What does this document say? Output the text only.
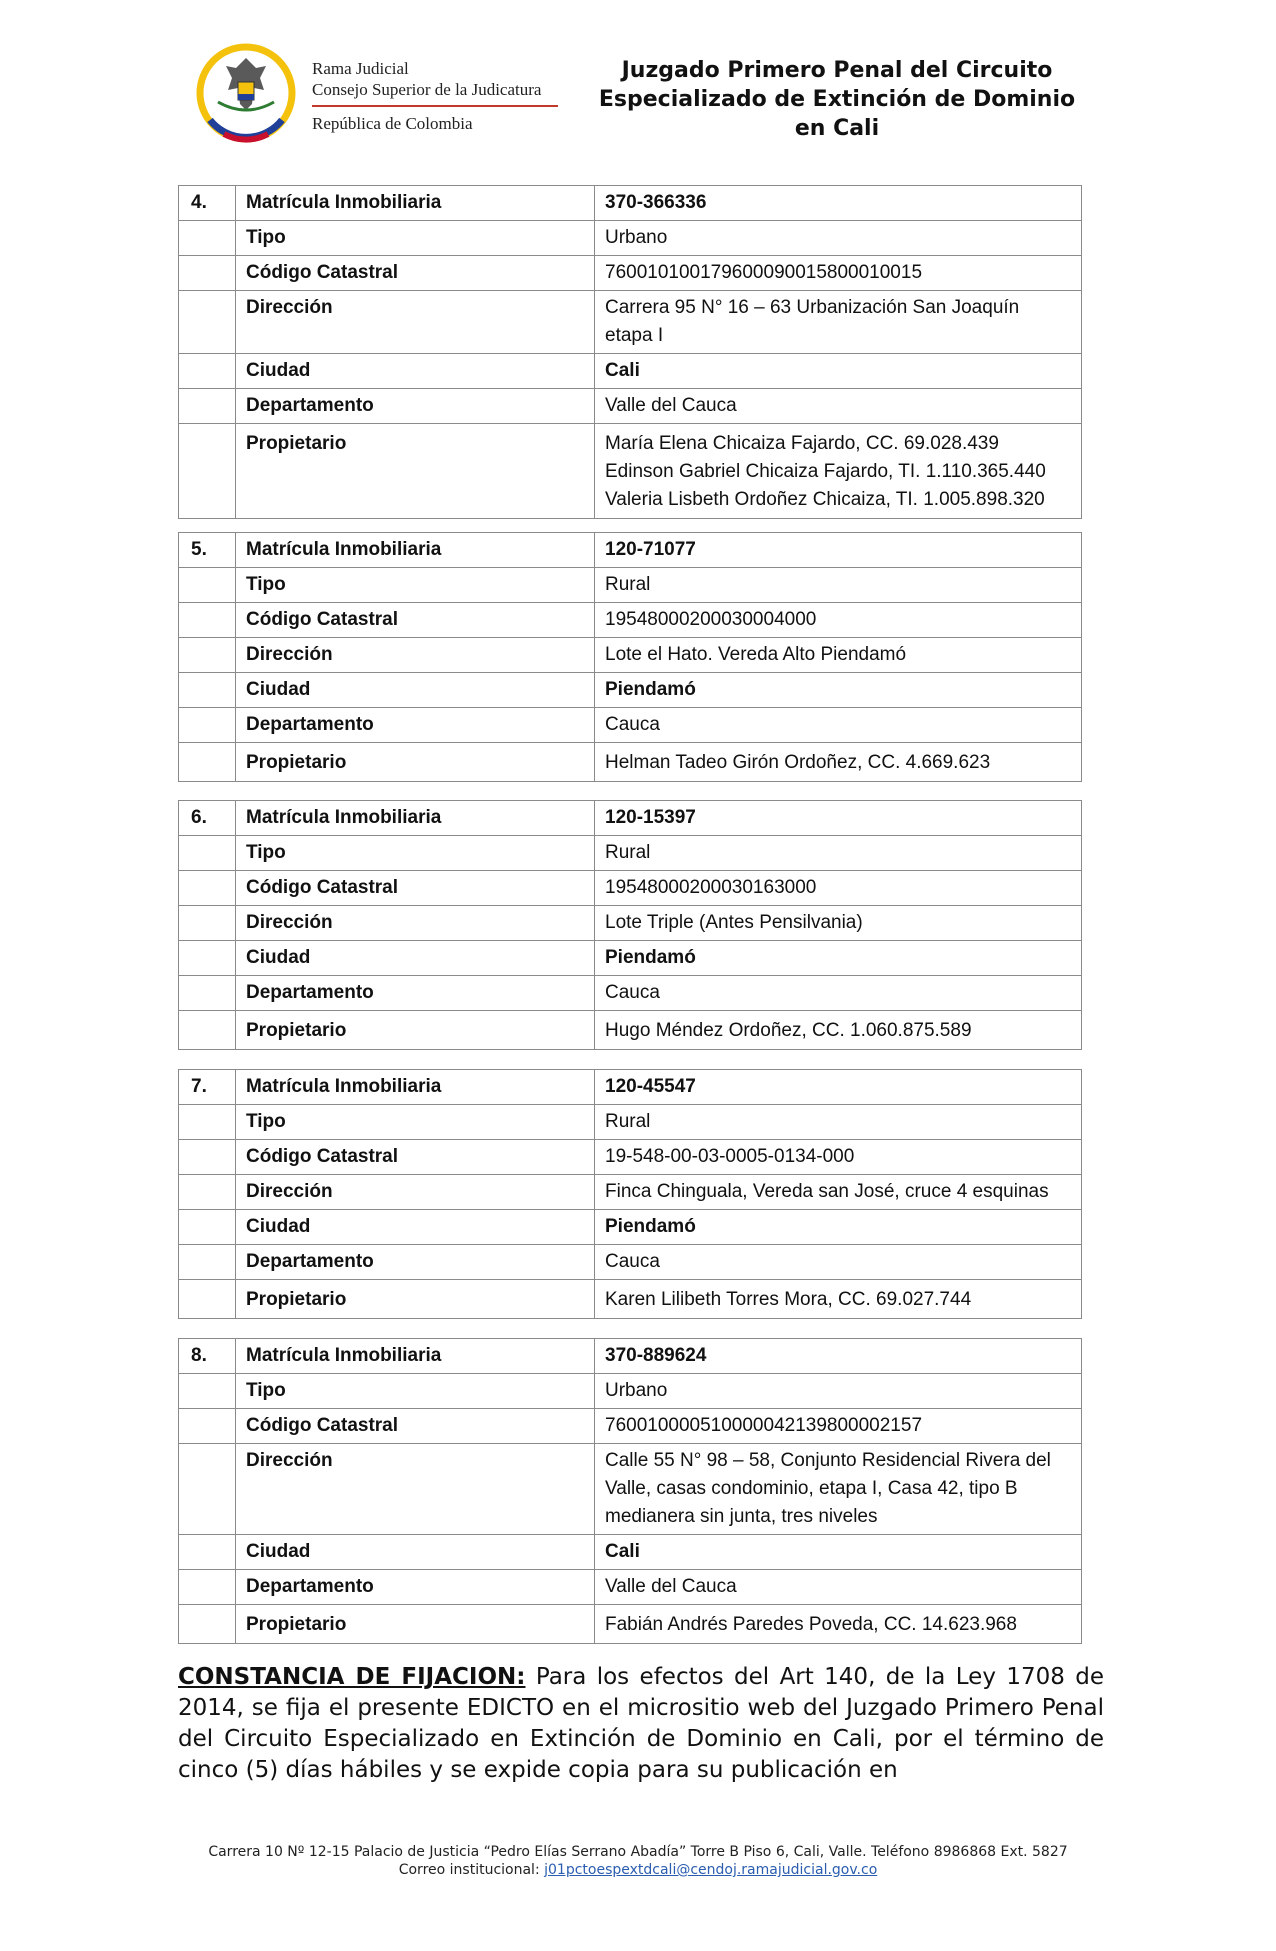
Rama Judicial
Consejo Superior de la Judicatura
República de Colombia
Juzgado Primero Penal del Circuito
Especializado de Extinción de Dominio
en Cali
4.	Matrícula Inmobiliaria	370-366336
	Tipo	Urbano
	Código Catastral	760010100179600090015800010015
	Dirección	Carrera 95 N° 16 – 63 Urbanización San Joaquín
etapa I

	Ciudad	Cali
	Departamento	Valle del Cauca
	Propietario	María Elena Chicaiza Fajardo, CC. 69.028.439
Edinson Gabriel Chicaiza Fajardo, TI. 1.110.365.440
Valeria Lisbeth Ordoñez Chicaiza, TI. 1.005.898.320
5.	Matrícula Inmobiliaria	120-71077
	Tipo	Rural
	Código Catastral	19548000200030004000
	Dirección	Lote el Hato. Vereda Alto Piendamó
	Ciudad	Piendamó
	Departamento	Cauca
	Propietario	Helman Tadeo Girón Ordoñez, CC. 4.669.623
6.	Matrícula Inmobiliaria	120-15397
	Tipo	Rural
	Código Catastral	19548000200030163000
	Dirección	Lote Triple (Antes Pensilvania)
	Ciudad	Piendamó
	Departamento	Cauca
	Propietario	Hugo Méndez Ordoñez, CC. 1.060.875.589
7.	Matrícula Inmobiliaria	120-45547
	Tipo	Rural
	Código Catastral	19-548-00-03-0005-0134-000
	Dirección	Finca Chinguala, Vereda san José, cruce 4 esquinas
	Ciudad	Piendamó
	Departamento	Cauca
	Propietario	Karen Lilibeth Torres Mora, CC. 69.027.744
8.	Matrícula Inmobiliaria	370-889624
	Tipo	Urbano
	Código Catastral	760010000510000042139800002157
	Dirección	Calle 55 N° 98 – 58, Conjunto Residencial Rivera del
Valle, casas condominio, etapa I, Casa 42, tipo B
medianera sin junta, tres niveles

	Ciudad	Cali
	Departamento	Valle del Cauca
	Propietario	Fabián Andrés Paredes Poveda, CC. 14.623.968
CONSTANCIA DE FIJACION: Para los efectos del Art 140, de la Ley 1708 de 2014, se fija el presente EDICTO en el micrositio web del Juzgado Primero Penal del Circuito Especializado en Extinción de Dominio en Cali, por el término de cinco (5) días hábiles y se expide copia para su publicación en
Carrera 10 Nº 12-15 Palacio de Justicia “Pedro Elías Serrano Abadía” Torre B Piso 6, Cali, Valle. Teléfono 8986868 Ext. 5827
Correo institucional: j01pctoespextdcali@cendoj.ramajudicial.gov.co
